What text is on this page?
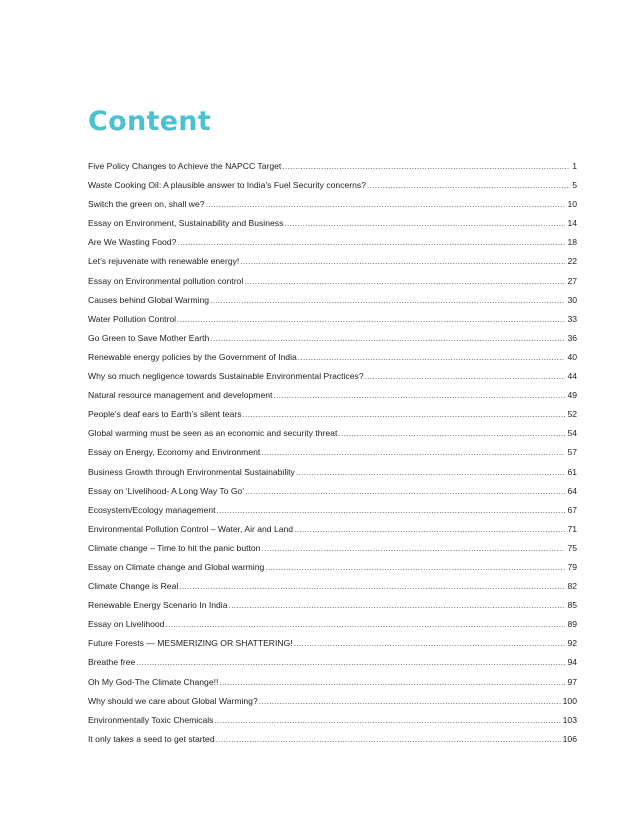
Content
Five Policy Changes to Achieve the NAPCC Target .....	1
Waste Cooking Oil: A plausible answer to India’s Fuel Security concerns? .....	5
Switch the green on, shall we? .....	10
Essay on Environment, Sustainability and Business .....	14
Are We Wasting Food? .....	18
Let’s rejuvenate with renewable energy! .....	22
Essay on Environmental pollution control .....	27
Causes behind Global Warming .....	30
Water Pollution Control .....	33
Go Green to Save Mother Earth .....	36
Renewable energy policies by the Government of India .....	40
Why so much negligence towards Sustainable Environmental Practices? .....	44
Natural resource management and development .....	49
People’s deaf ears to Earth’s silent tears .....	52
Global warming must be seen as an economic and security threat .....	54
Essay on Energy, Economy and Environment .....	57
Business Growth through Environmental Sustainability .....	61
Essay on ‘Livelihood- A Long Way To Go’ .....	64
Ecosystem/Ecology management .....	67
Environmental Pollution Control – Water, Air and Land .....	71
Climate change – Time to hit the panic button .....	75
Essay on Climate change and Global warming .....	79
Climate Change is Real .....	82
Renewable Energy Scenario In India .....	85
Essay on Livelihood .....	89
Future Forests — MESMERIZING OR SHATTERING! .....	92
Breathe free .....	94
Oh My God-The Climate Change!! .....	97
Why should we care about Global Warming? .....	100
Environmentally Toxic Chemicals .....	103
It only takes a seed to get started .....	106
